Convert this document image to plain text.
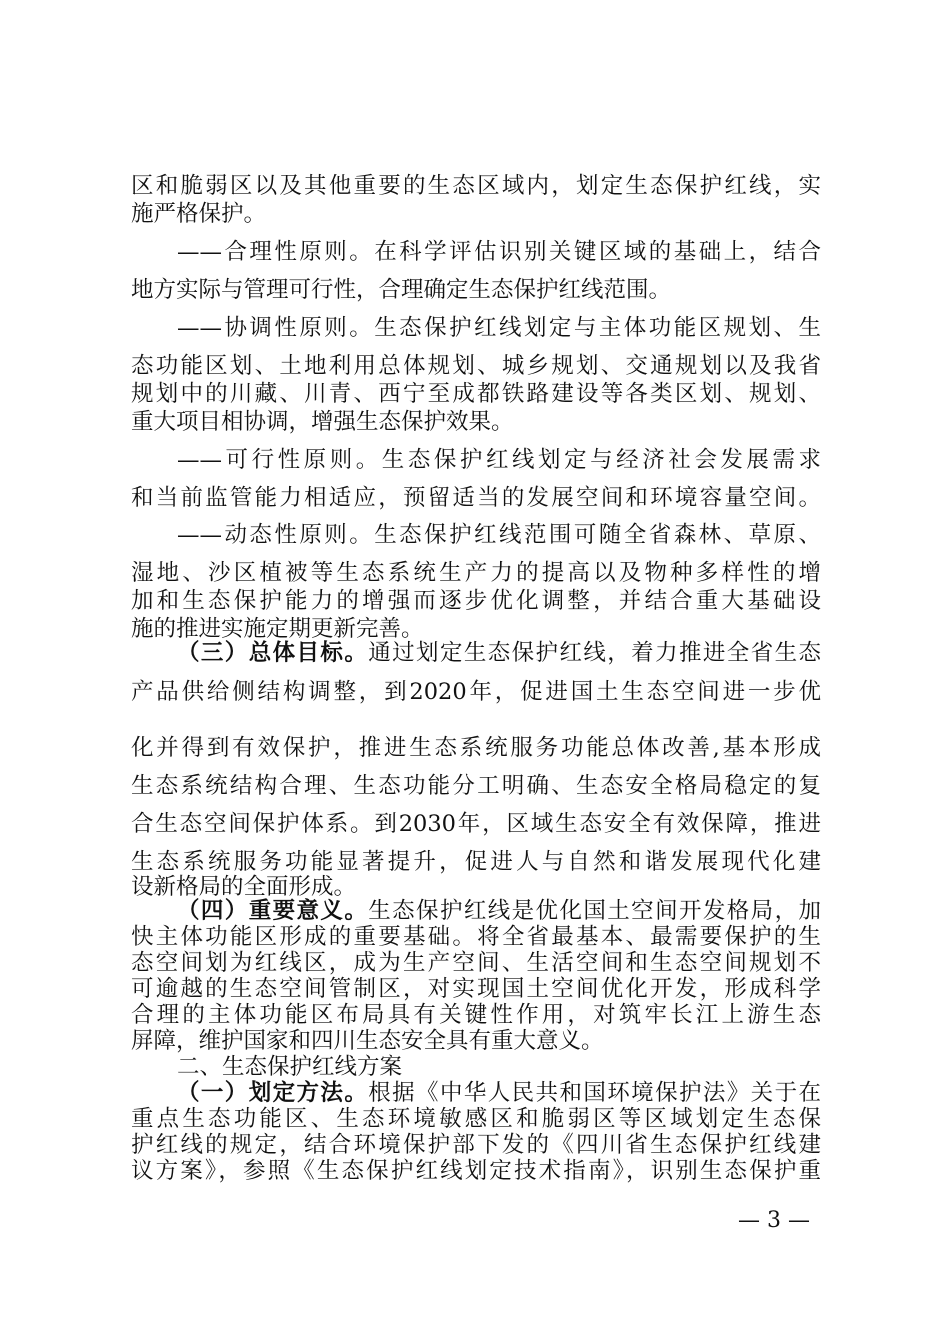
区和脆弱区以及其他重要的生态区域内，划定生态保护红线，实
施严格保护。
——合理性原则。在科学评估识别关键区域的基础上，结合
地方实际与管理可行性，合理确定生态保护红线范围。
——协调性原则。生态保护红线划定与主体功能区规划、生
态功能区划、土地利用总体规划、城乡规划、交通规划以及我省
规划中的川藏、川青、西宁至成都铁路建设等各类区划、规划、
重大项目相协调，增强生态保护效果。
——可行性原则。生态保护红线划定与经济社会发展需求
和当前监管能力相适应，预留适当的发展空间和环境容量空间。
——动态性原则。生态保护红线范围可随全省森林、草原、
湿地、沙区植被等生态系统生产力的提高以及物种多样性的增
加和生态保护能力的增强而逐步优化调整，并结合重大基础设
施的推进实施定期更新完善。
（三）总体目标。通过划定生态保护红线，着力推进全省生态
产品供给侧结构调整，到2020年，促进国土生态空间进一步优
化并得到有效保护，推进生态系统服务功能总体改善,基本形成
生态系统结构合理、生态功能分工明确、生态安全格局稳定的复
合生态空间保护体系。到2030年，区域生态安全有效保障，推进
生态系统服务功能显著提升，促进人与自然和谐发展现代化建
设新格局的全面形成。
（四）重要意义。生态保护红线是优化国土空间开发格局，加
快主体功能区形成的重要基础。将全省最基本、最需要保护的生
态空间划为红线区，成为生产空间、生活空间和生态空间规划不
可逾越的生态空间管制区，对实现国土空间优化开发，形成科学
合理的主体功能区布局具有关键性作用，对筑牢长江上游生态
屏障，维护国家和四川生态安全具有重大意义。
二、生态保护红线方案
（一）划定方法。根据《中华人民共和国环境保护法》关于在
重点生态功能区、生态环境敏感区和脆弱区等区域划定生态保
护红线的规定，结合环境保护部下发的《四川省生态保护红线建
议方案》，参照《生态保护红线划定技术指南》，识别生态保护重
— 3 —
